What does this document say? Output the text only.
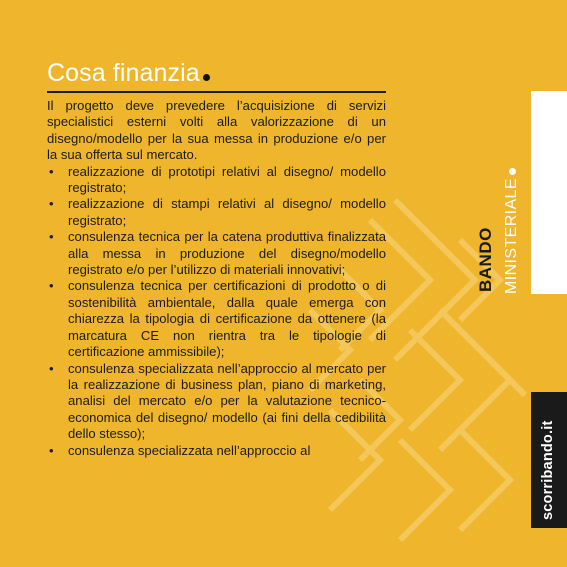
Cosa finanzia

Il progetto deve prevedere l’acquisizione di servizi specialistici esterni volti alla valorizzazione di un disegno/modello per la sua messa in produzione e/o per la sua offerta sul mercato.

• realizzazione di prototipi relativi al disegno/ modello registrato;
• realizzazione di stampi relativi al disegno/ modello registrato;
• consulenza tecnica per la catena produttiva finalizzata alla messa in produzione del disegno/modello registrato e/o per l’utilizzo di materiali innovativi;
• consulenza tecnica per certificazioni di prodotto o di sostenibilità ambientale, dalla quale emerga con chiarezza la tipologia di certificazione da ottenere (la marcatura CE non rientra tra le tipologie di certificazione ammissibile);
• consulenza specializzata nell’approccio al mercato per la realizzazione di business plan, piano di marketing, analisi del mercato e/o per la valutazione tecnico-economica del disegno/ modello (ai fini della cedibilità dello stesso);
• consulenza specializzata nell’approccio al
BANDO MINISTERIALE
scorribando.it
